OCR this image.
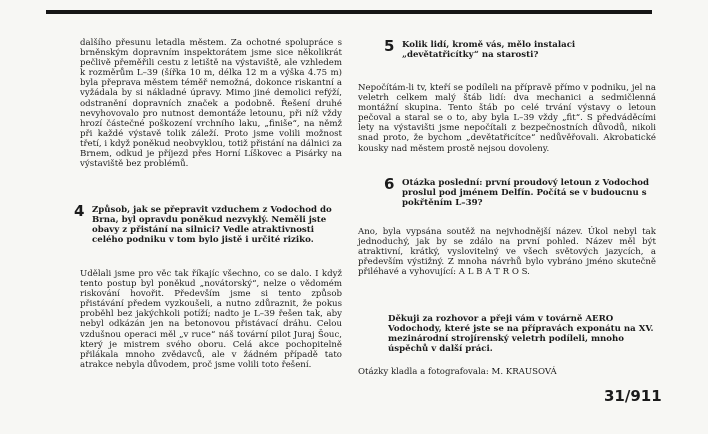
dalšího přesunu letadla městem. Za ochotné spolupráce s brněnským dopravním inspektorátem jsme sice několikrát pečlivě přeměřili cestu z letiště na výstaviště, ale vzhledem k rozměrům L–39 (šířka 10 m, délka 12 m a výška 4.75 m) byla přeprava městem téměř nemožná, dokonce riskantní a vyžádala by si nákladné úpravy. Mimo jiné demolici refýží, odstranění dopravních značek a podobně. Řešení druhé nevyhovovalo pro nutnost demontáže letounu, při níž vždy hrozí částečné poškození vrchního laku, „finiše“, na němž při každé výstavě tolik záleží. Proto jsme volili možnost třetí, i když poněkud neobvyklou, totiž přistání na dálnici za Brnem, odkud je příjezd přes Horní Líškovec a Pisárky na výstaviště bez problémů.

4 Způsob, jak se přepravit vzduchem z Vodochod do Brna, byl opravdu poněkud nezvyklý. Neměli jste obavy z přistání na silnici? Vedle atraktivnosti celého podniku v tom bylo jistě i určité riziko.

Udělali jsme pro věc tak říkajíc všechno, co se dalo. I když tento postup byl poněkud „novátorský“, nelze o vědomém riskování hovořit. Především jsme si tento způsob přistávání předem vyzkoušeli, a nutno zdůraznit, že pokus proběhl bez jakýchkoli potíží; nadto je L–39 řešen tak, aby nebyl odkázán jen na betonovou přistávací dráhu. Celou vzdušnou operaci měl „v ruce“ náš tovární pilot Juraj Šouc, který je mistrem svého oboru. Celá akce pochopitelně přilákala mnoho zvědavců, ale v žádném případě tato atrakce nebyla důvodem, proč jsme volili toto řešení.

5 Kolik lidí, kromě vás, mělo instalaci „devětatřicítky“ na starosti?

Nepočítám-li tv, kteří se podíleli na přípravě přímo v podniku, jel na veletrh celkem malý štáb lidí: dva mechanici a sedmičlenná montážní skupina. Tento štáb po celé trvání výstavy o letoun pečoval a staral se o to, aby byla L–39 vždy „fit“. S předváděcími lety na výstavišti jsme nepočítali z bezpečnostních důvodů, nikoli snad proto, že bychom „devětatřicítce“ nedůvěřovali. Akrobatické kousky nad městem prostě nejsou dovoleny.

6 Otázka poslední: první proudový letoun z Vodochod proslul pod jménem Delfín. Počítá se v budoucnu s pokřtěním L–39?

Ano, byla vypsána soutěž na nejvhodnější název. Úkol nebyl tak jednoduchý, jak by se zdálo na první pohled. Název měl být atraktivní, krátký, vyslovitelný ve všech světových jazycích, a především výstižný. Z mnoha návrhů bylo vybráno jméno skutečně přiléhavé a vyhovující: A L B A T R O S.

Děkuji za rozhovor a přeji vám v továrně AERO Vodochody, které jste se na přípravách exponátu na XV. mezinárodní strojírenský veletrh podíleli, mnoho úspěchů v další práci.

Otázky kladla a fotografovala: M. KRAUSOVÁ

31/911
